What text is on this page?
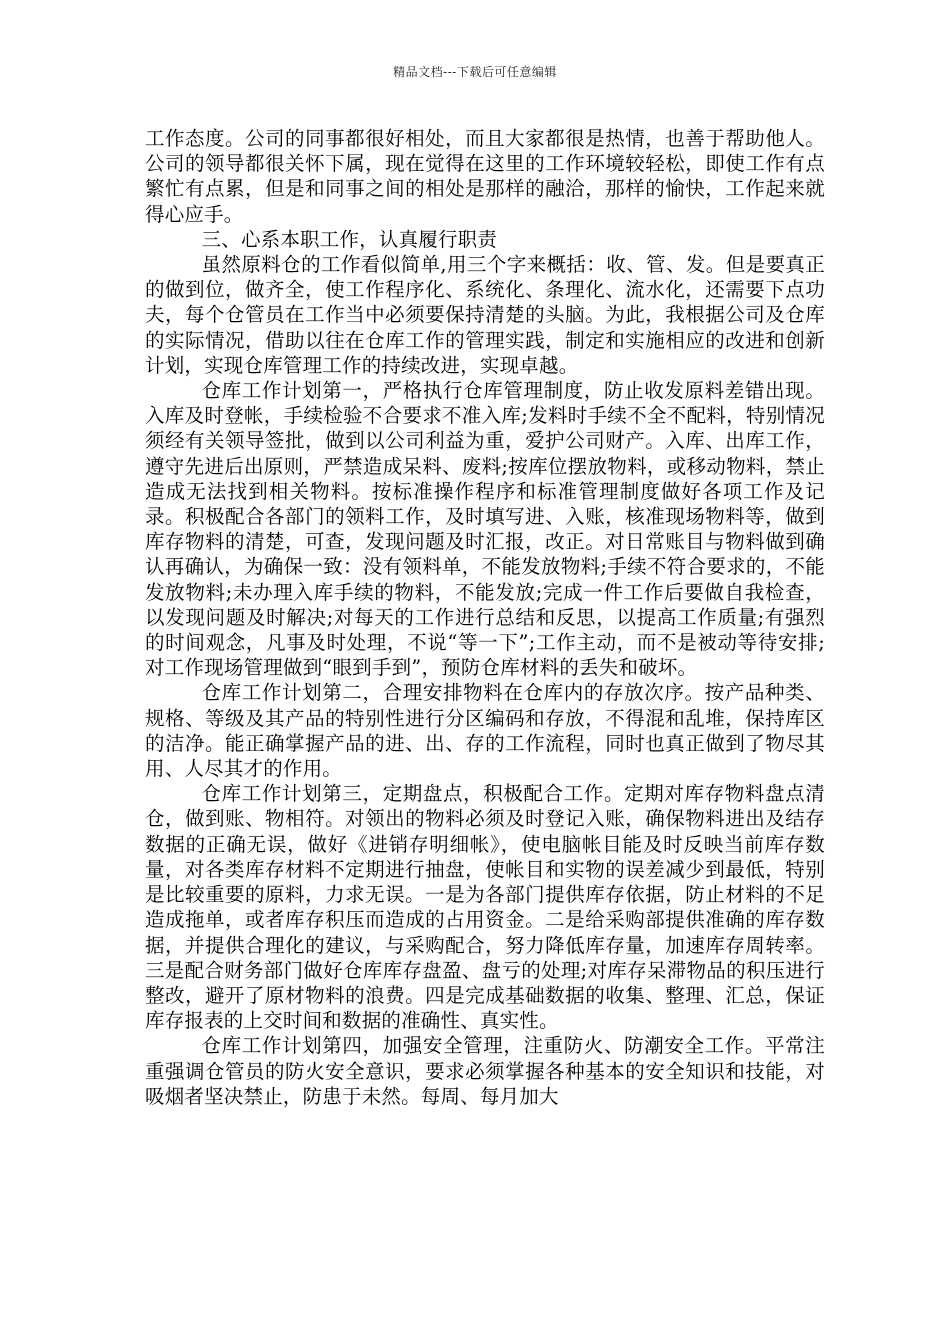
精品文档---下载后可任意编辑

工作态度。公司的同事都很好相处，而且大家都很是热情，也善于帮助他人。公司的领导都很关怀下属，现在觉得在这里的工作环境较轻松，即使工作有点繁忙有点累，但是和同事之间的相处是那样的融洽，那样的愉快，工作起来就得心应手。

三、心系本职工作，认真履行职责

虽然原料仓的工作看似简单,用三个字来概括：收、管、发。但是要真正的做到位，做齐全，使工作程序化、系统化、条理化、流水化，还需要下点功夫，每个仓管员在工作当中必须要保持清楚的头脑。为此，我根据公司及仓库的实际情况，借助以往在仓库工作的管理实践，制定和实施相应的改进和创新计划，实现仓库管理工作的持续改进，实现卓越。

仓库工作计划第一，严格执行仓库管理制度，防止收发原料差错出现。入库及时登帐，手续检验不合要求不准入库;发料时手续不全不配料，特别情况须经有关领导签批，做到以公司利益为重，爱护公司财产。入库、出库工作，遵守先进后出原则，严禁造成呆料、废料;按库位摆放物料，或移动物料，禁止造成无法找到相关物料。按标准操作程序和标准管理制度做好各项工作及记录。积极配合各部门的领料工作，及时填写进、入账，核准现场物料等，做到库存物料的清楚，可查，发现问题及时汇报，改正。对日常账目与物料做到确认再确认，为确保一致：没有领料单，不能发放物料;手续不符合要求的，不能发放物料;未办理入库手续的物料，不能发放;完成一件工作后要做自我检查，以发现问题及时解决;对每天的工作进行总结和反思，以提高工作质量;有强烈的时间观念，凡事及时处理，不说“等一下”;工作主动，而不是被动等待安排;对工作现场管理做到“眼到手到”，预防仓库材料的丢失和破坏。

仓库工作计划第二，合理安排物料在仓库内的存放次序。按产品种类、规格、等级及其产品的特别性进行分区编码和存放，不得混和乱堆，保持库区的洁净。能正确掌握产品的进、出、存的工作流程，同时也真正做到了物尽其用、人尽其才的作用。

仓库工作计划第三，定期盘点，积极配合工作。定期对库存物料盘点清仓，做到账、物相符。对领出的物料必须及时登记入账，确保物料进出及结存数据的正确无误，做好《进销存明细帐》，使电脑帐目能及时反映当前库存数量，对各类库存材料不定期进行抽盘，使帐目和实物的误差减少到最低，特别是比较重要的原料，力求无误。一是为各部门提供库存依据，防止材料的不足造成拖单，或者库存积压而造成的占用资金。二是给采购部提供准确的库存数据，并提供合理化的建议，与采购配合，努力降低库存量，加速库存周转率。三是配合财务部门做好仓库库存盘盈、盘亏的处理;对库存呆滞物品的积压进行整改，避开了原材物料的浪费。四是完成基础数据的收集、整理、汇总，保证库存报表的上交时间和数据的准确性、真实性。

仓库工作计划第四，加强安全管理，注重防火、防潮安全工作。平常注重强调仓管员的防火安全意识，要求必须掌握各种基本的安全知识和技能，对吸烟者坚决禁止，防患于未然。每周、每月加大
